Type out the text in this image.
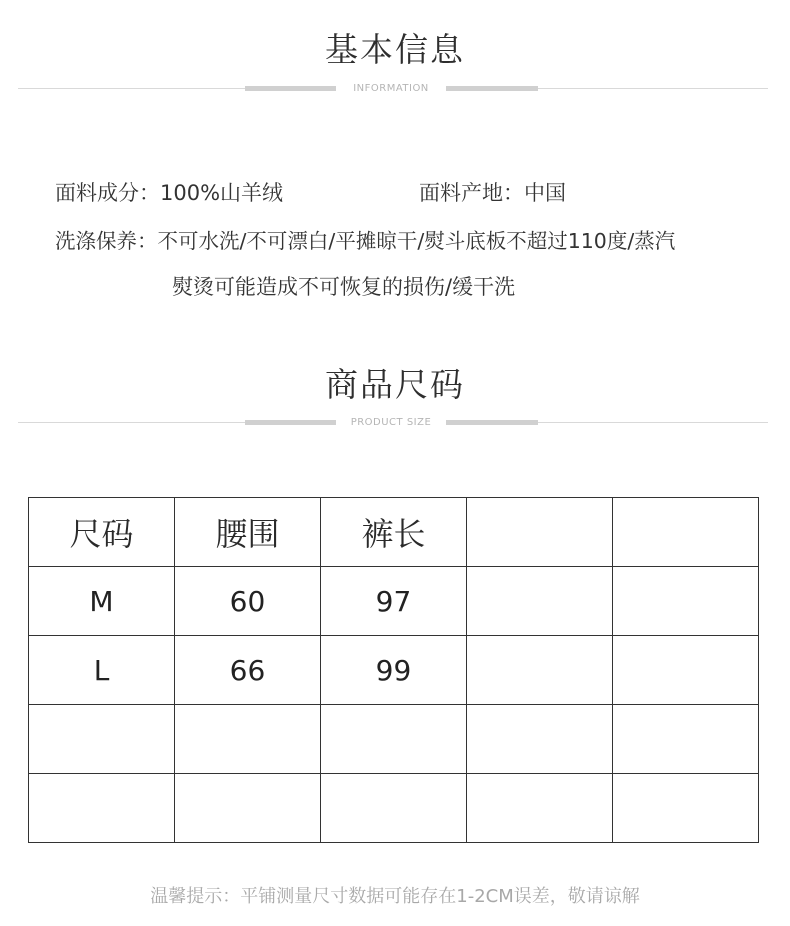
基本信息
INFORMATION
面料成分：100%山羊绒	面料产地：中国
洗涤保养：不可水洗/不可漂白/平摊晾干/熨斗底板不超过110度/蒸汽
熨烫可能造成不可恢复的损伤/缓干洗
商品尺码
PRODUCT SIZE
尺码	腰围	裤长		
M	60	97		
L	66	99		

温馨提示：平铺测量尺寸数据可能存在1-2CM误差，敬请谅解
